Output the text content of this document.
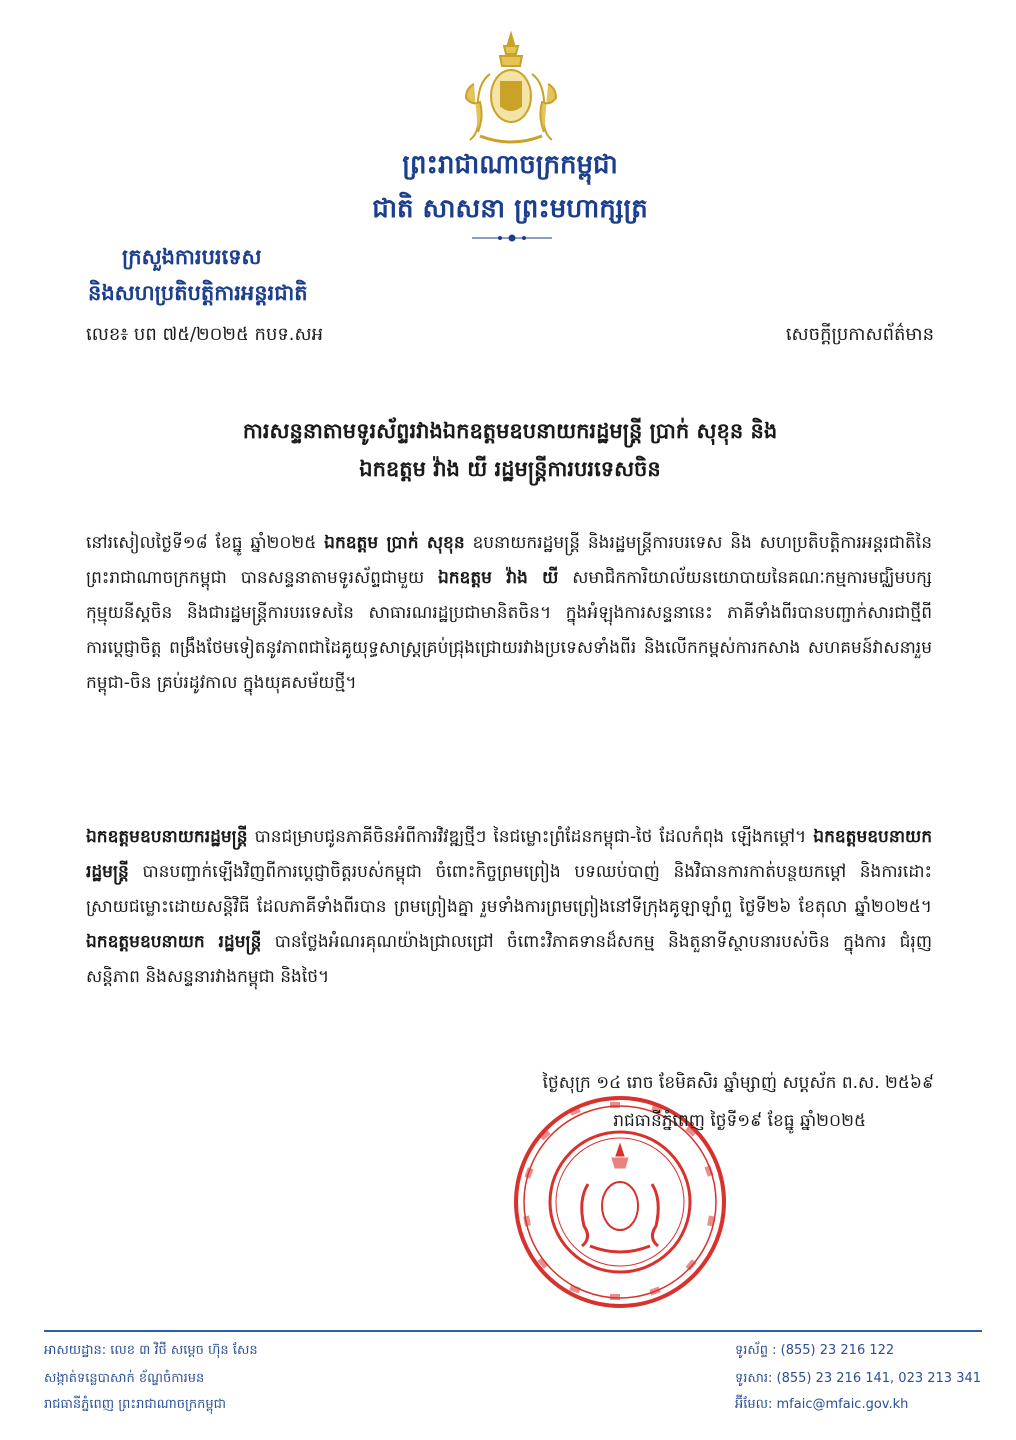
ព្រះរាជាណាចក្រកម្ពុជា
ជាតិ សាសនា ព្រះមហាក្សត្រ
ក្រសួងការបរទេស
និងសហប្រតិបត្តិការអន្តរជាតិ
លេខ៖ បព ៧៥/២០២៥ កបទ.សអ	សេចក្តីប្រកាសព័ត៌មាន
ការសន្ទនាតាមទូរស័ព្ទរវាងឯកឧត្តមឧបនាយករដ្ឋមន្ត្រី ប្រាក់ សុខុន និង
ឯកឧត្តម វ៉ាង យី រដ្ឋមន្ត្រីការបរទេសចិន
នៅរសៀលថ្ងៃទី១៨ ខែធ្នូ ឆ្នាំ២០២៥ ឯកឧត្តម ប្រាក់ សុខុន ឧបនាយករដ្ឋមន្ត្រី និងរដ្ឋមន្ត្រីការបរទេស និង សហប្រតិបត្តិការអន្តរជាតិនៃព្រះរាជាណាចក្រកម្ពុជា បានសន្ទនាតាមទូរស័ព្ទជាមួយ ឯកឧត្តម វ៉ាង យី សមាជិកការិយាល័យនយោបាយនៃគណៈកម្មការមជ្ឈិមបក្សកុម្មុយនីស្តចិន និងជារដ្ឋមន្ត្រីការបរទេសនៃ សាធារណរដ្ឋប្រជាមានិតចិន។ ក្នុងអំឡុងការសន្ទនានេះ ភាគីទាំងពីរបានបញ្ជាក់សារជាថ្មីពីការប្តេជ្ញាចិត្ត ពង្រឹងថែមទៀតនូវភាពជាដៃគូយុទ្ធសាស្ត្រគ្រប់ជ្រុងជ្រោយរវាងប្រទេសទាំងពីរ និងលើកកម្ពស់ការកសាង សហគមន៍វាសនារួមកម្ពុជា-ចិន គ្រប់រដូវកាល ក្នុងយុគសម័យថ្មី។
ឯកឧត្តមឧបនាយករដ្ឋមន្ត្រី បានជម្រាបជូនភាគីចិនអំពីការវិវឌ្ឍថ្មីៗ នៃជម្លោះព្រំដែនកម្ពុជា-ថៃ ដែលកំពុង ឡើងកម្តៅ។ ឯកឧត្តមឧបនាយករដ្ឋមន្ត្រី បានបញ្ជាក់ឡើងវិញពីការប្តេជ្ញាចិត្តរបស់កម្ពុជា ចំពោះកិច្ចព្រមព្រៀង បទឈប់បាញ់ និងវិធានការកាត់បន្ថយកម្តៅ និងការដោះស្រាយជម្លោះដោយសន្តិវិធី ដែលភាគីទាំងពីរបាន ព្រមព្រៀងគ្នា រួមទាំងការព្រមព្រៀងនៅទីក្រុងគូឡាឡាំពួ ថ្ងៃទី២៦ ខែតុលា ឆ្នាំ២០២៥។ ឯកឧត្តមឧបនាយក រដ្ឋមន្ត្រី បានថ្លែងអំណរគុណយ៉ាងជ្រាលជ្រៅ ចំពោះវិភាគទានដ៏សកម្ម និងតួនាទីស្ថាបនារបស់ចិន ក្នុងការ ជំរុញសន្តិភាព និងសន្ទនារវាងកម្ពុជា និងថៃ។
ថ្ងៃសុក្រ ១៤ រោច ខែមិគសិរ ឆ្នាំម្សាញ់ សប្តស័ក ព.ស. ២៥៦៩
រាជធានីភ្នំពេញ ថ្ងៃទី១៩ ខែធ្នូ ឆ្នាំ២០២៥
អាសយដ្ឋាន: លេខ ៣ វិថី សម្តេច ហ៊ុន សែន
សង្កាត់ទន្លេបាសាក់ ខ័ណ្ឌចំការមន
រាជធានីភ្នំពេញ ព្រះរាជាណាចក្រកម្ពុជា
ទូរស័ព្ទ : (855) 23 216 122
ទូរសារ: (855) 23 216 141, 023 213 341
អ៊ីមែល: mfaic@mfaic.gov.kh
